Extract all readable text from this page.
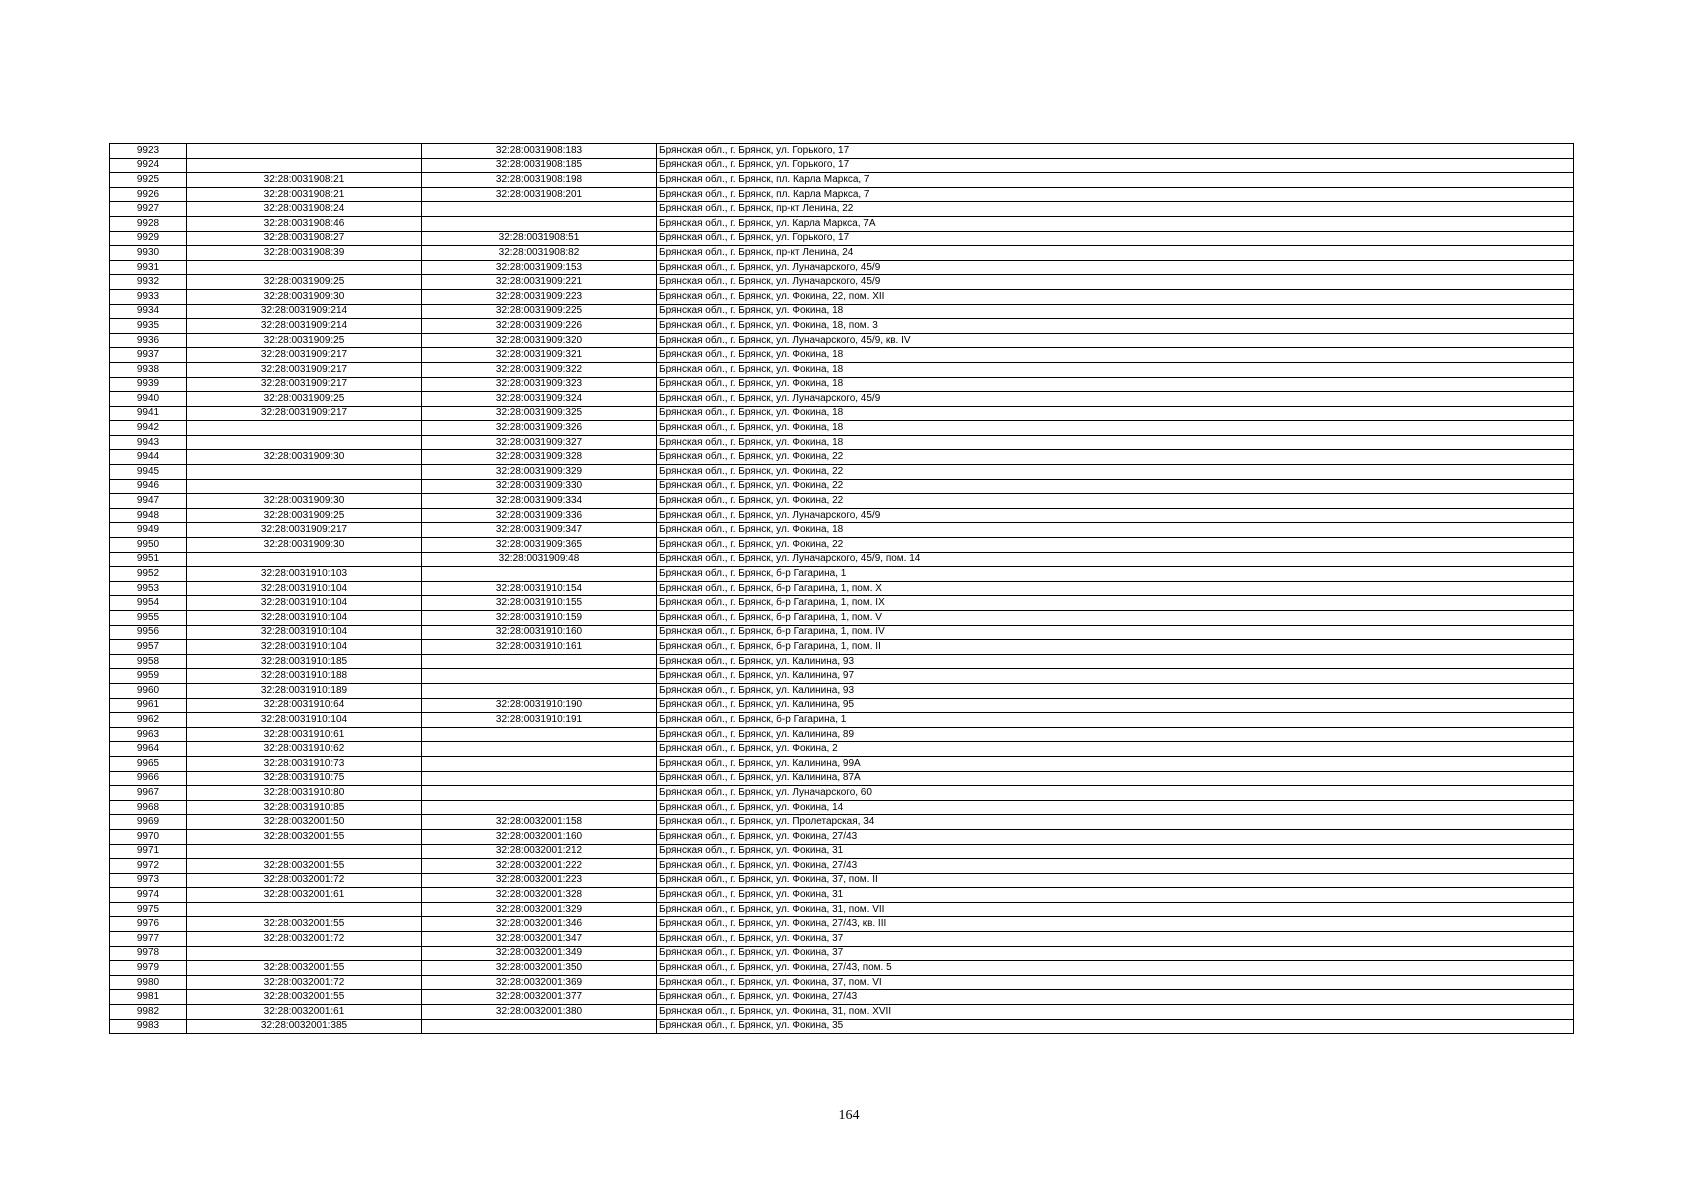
9923		32:28:0031908:183	Брянская обл., г. Брянск, ул. Горького, 17
9924		32:28:0031908:185	Брянская обл., г. Брянск, ул. Горького, 17
9925	32:28:0031908:21	32:28:0031908:198	Брянская обл., г. Брянск, пл. Карла Маркса, 7
9926	32:28:0031908:21	32:28:0031908:201	Брянская обл., г. Брянск, пл. Карла Маркса, 7
9927	32:28:0031908:24		Брянская обл., г. Брянск, пр-кт Ленина, 22
9928	32:28:0031908:46		Брянская обл., г. Брянск, ул. Карла Маркса, 7А
9929	32:28:0031908:27	32:28:0031908:51	Брянская обл., г. Брянск, ул. Горького, 17
9930	32:28:0031908:39	32:28:0031908:82	Брянская обл., г. Брянск, пр-кт Ленина, 24
9931		32:28:0031909:153	Брянская обл., г. Брянск, ул. Луначарского, 45/9
9932	32:28:0031909:25	32:28:0031909:221	Брянская обл., г. Брянск, ул. Луначарского, 45/9
9933	32:28:0031909:30	32:28:0031909:223	Брянская обл., г. Брянск, ул. Фокина, 22, пом. XII
9934	32:28:0031909:214	32:28:0031909:225	Брянская обл., г. Брянск, ул. Фокина, 18
9935	32:28:0031909:214	32:28:0031909:226	Брянская обл., г. Брянск, ул. Фокина, 18, пом. 3
9936	32:28:0031909:25	32:28:0031909:320	Брянская обл., г. Брянск, ул. Луначарского, 45/9, кв. IV
9937	32:28:0031909:217	32:28:0031909:321	Брянская обл., г. Брянск, ул. Фокина, 18
9938	32:28:0031909:217	32:28:0031909:322	Брянская обл., г. Брянск, ул. Фокина, 18
9939	32:28:0031909:217	32:28:0031909:323	Брянская обл., г. Брянск, ул. Фокина, 18
9940	32:28:0031909:25	32:28:0031909:324	Брянская обл., г. Брянск, ул. Луначарского, 45/9
9941	32:28:0031909:217	32:28:0031909:325	Брянская обл., г. Брянск, ул. Фокина, 18
9942		32:28:0031909:326	Брянская обл., г. Брянск, ул. Фокина, 18
9943		32:28:0031909:327	Брянская обл., г. Брянск, ул. Фокина, 18
9944	32:28:0031909:30	32:28:0031909:328	Брянская обл., г. Брянск, ул. Фокина, 22
9945		32:28:0031909:329	Брянская обл., г. Брянск, ул. Фокина, 22
9946		32:28:0031909:330	Брянская обл., г. Брянск, ул. Фокина, 22
9947	32:28:0031909:30	32:28:0031909:334	Брянская обл., г. Брянск, ул. Фокина, 22
9948	32:28:0031909:25	32:28:0031909:336	Брянская обл., г. Брянск, ул. Луначарского, 45/9
9949	32:28:0031909:217	32:28:0031909:347	Брянская обл., г. Брянск, ул. Фокина, 18
9950	32:28:0031909:30	32:28:0031909:365	Брянская обл., г. Брянск, ул. Фокина, 22
9951		32:28:0031909:48	Брянская обл., г. Брянск, ул. Луначарского, 45/9, пом. 14
9952	32:28:0031910:103		Брянская обл., г. Брянск, б-р Гагарина, 1
9953	32:28:0031910:104	32:28:0031910:154	Брянская обл., г. Брянск, б-р Гагарина, 1, пом. X
9954	32:28:0031910:104	32:28:0031910:155	Брянская обл., г. Брянск, б-р Гагарина, 1, пом. IX
9955	32:28:0031910:104	32:28:0031910:159	Брянская обл., г. Брянск, б-р Гагарина, 1, пом. V
9956	32:28:0031910:104	32:28:0031910:160	Брянская обл., г. Брянск, б-р Гагарина, 1, пом. IV
9957	32:28:0031910:104	32:28:0031910:161	Брянская обл., г. Брянск, б-р Гагарина, 1, пом. II
9958	32:28:0031910:185		Брянская обл., г. Брянск, ул. Калинина, 93
9959	32:28:0031910:188		Брянская обл., г. Брянск, ул. Калинина, 97
9960	32:28:0031910:189		Брянская обл., г. Брянск, ул. Калинина, 93
9961	32:28:0031910:64	32:28:0031910:190	Брянская обл., г. Брянск, ул. Калинина, 95
9962	32:28:0031910:104	32:28:0031910:191	Брянская обл., г. Брянск, б-р Гагарина, 1
9963	32:28:0031910:61		Брянская обл., г. Брянск, ул. Калинина, 89
9964	32:28:0031910:62		Брянская обл., г. Брянск, ул. Фокина, 2
9965	32:28:0031910:73		Брянская обл., г. Брянск, ул. Калинина, 99А
9966	32:28:0031910:75		Брянская обл., г. Брянск, ул. Калинина, 87А
9967	32:28:0031910:80		Брянская обл., г. Брянск, ул. Луначарского, 60
9968	32:28:0031910:85		Брянская обл., г. Брянск, ул. Фокина, 14
9969	32:28:0032001:50	32:28:0032001:158	Брянская обл., г. Брянск, ул. Пролетарская, 34
9970	32:28:0032001:55	32:28:0032001:160	Брянская обл., г. Брянск, ул. Фокина, 27/43
9971		32:28:0032001:212	Брянская обл., г. Брянск, ул. Фокина, 31
9972	32:28:0032001:55	32:28:0032001:222	Брянская обл., г. Брянск, ул. Фокина, 27/43
9973	32:28:0032001:72	32:28:0032001:223	Брянская обл., г. Брянск, ул. Фокина, 37, пом. II
9974	32:28:0032001:61	32:28:0032001:328	Брянская обл., г. Брянск, ул. Фокина, 31
9975		32:28:0032001:329	Брянская обл., г. Брянск, ул. Фокина, 31, пом. VII
9976	32:28:0032001:55	32:28:0032001:346	Брянская обл., г. Брянск, ул. Фокина, 27/43, кв. III
9977	32:28:0032001:72	32:28:0032001:347	Брянская обл., г. Брянск, ул. Фокина, 37
9978		32:28:0032001:349	Брянская обл., г. Брянск, ул. Фокина, 37
9979	32:28:0032001:55	32:28:0032001:350	Брянская обл., г. Брянск, ул. Фокина, 27/43, пом. 5
9980	32:28:0032001:72	32:28:0032001:369	Брянская обл., г. Брянск, ул. Фокина, 37, пом. VI
9981	32:28:0032001:55	32:28:0032001:377	Брянская обл., г. Брянск, ул. Фокина, 27/43
9982	32:28:0032001:61	32:28:0032001:380	Брянская обл., г. Брянск, ул. Фокина, 31, пом. XVII
9983	32:28:0032001:385		Брянская обл., г. Брянск, ул. Фокина, 35
164
